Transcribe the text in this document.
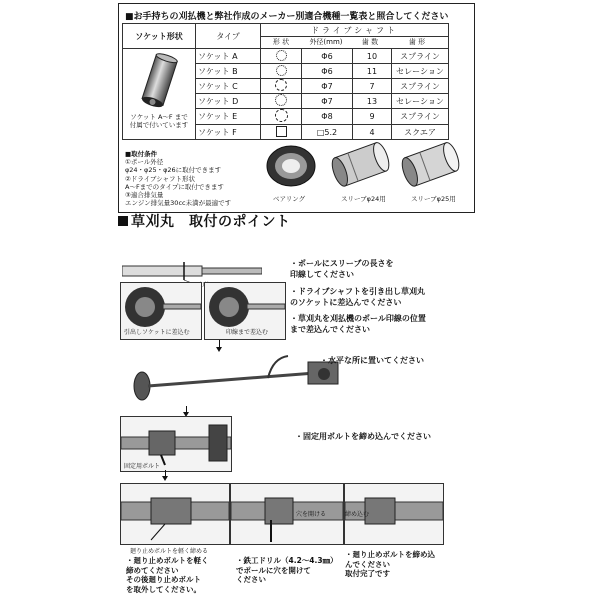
■お手持ちの刈払機と弊社作成のメーカー別適合機種一覧表と照合してください
ソケット形状	タイプ	ドライブシャフト
形 状 外径(mm) 歯 数 歯 形			

ソケット A～F まで
付属で付いています	ソケット A		Φ6	10	スプライン
	ソケット B		Φ6	11	セレーション
	ソケット C		Φ7	7	スプライン
	ソケット D		Φ7	13	セレーション
	ソケット E		Φ8	9	スプライン
	ソケット F		□5.2	4	スクエア
■取付条件
①ポール外径
φ24・φ25・φ26に取付できます
②ドライブシャフト形状
A～Fまでのタイプに取付できます
③適合排気量
エンジン排気量30cc未満が最適です
ベアリング	スリーブφ24用	スリーブφ25用
草刈丸　取付のポイント
・ポールにスリーブの長さを
印線してください
引出しソケットに差込む	印線まで差込む
・ドライブシャフトを引き出し草刈丸
のソケットに差込んでください
・草刈丸を刈払機のポール印線の位置
まで差込んでください
・水平な所に置いてください
固定用ボルト
・固定用ボルトを締め込んでください
廻り止めボルトを軽く締める
穴を開ける	締め込む
・廻り止めボルトを軽く
締めてください
その後廻り止めボルト
を取外してください。
・鉄工ドリル（4.2～4.3㎜）
でポールに穴を開けて
ください
・廻り止めボルトを締め込
んでください
取付完了です
